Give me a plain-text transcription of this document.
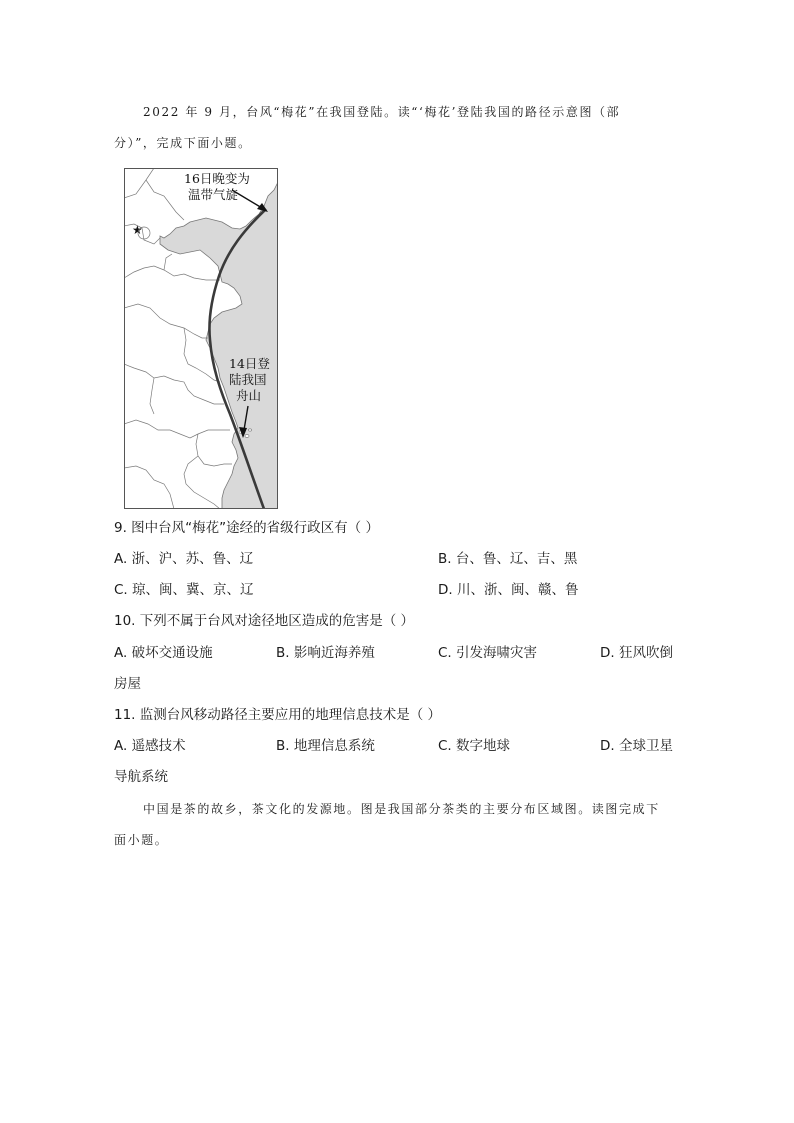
2022 年 9 月，台风“梅花”在我国登陆。读“‘梅花’登陆我国的路径示意图（部
分）”，完成下面小题。
★
16日晚变为
温带气旋
14日登
陆我国
舟山
9. 图中台风“梅花”途经的省级行政区有（ ）
A. 浙、沪、苏、鲁、辽	B. 台、鲁、辽、吉、黑
C. 琼、闽、冀、京、辽	D. 川、浙、闽、赣、鲁
10. 下列不属于台风对途径地区造成的危害是（ ）
A. 破坏交通设施	B. 影响近海养殖	C. 引发海啸灾害	D. 狂风吹倒
房屋
11. 监测台风移动路径主要应用的地理信息技术是（ ）
A. 遥感技术	B. 地理信息系统	C. 数字地球	D. 全球卫星
导航系统
中国是茶的故乡，茶文化的发源地。图是我国部分茶类的主要分布区域图。读图完成下
面小题。
